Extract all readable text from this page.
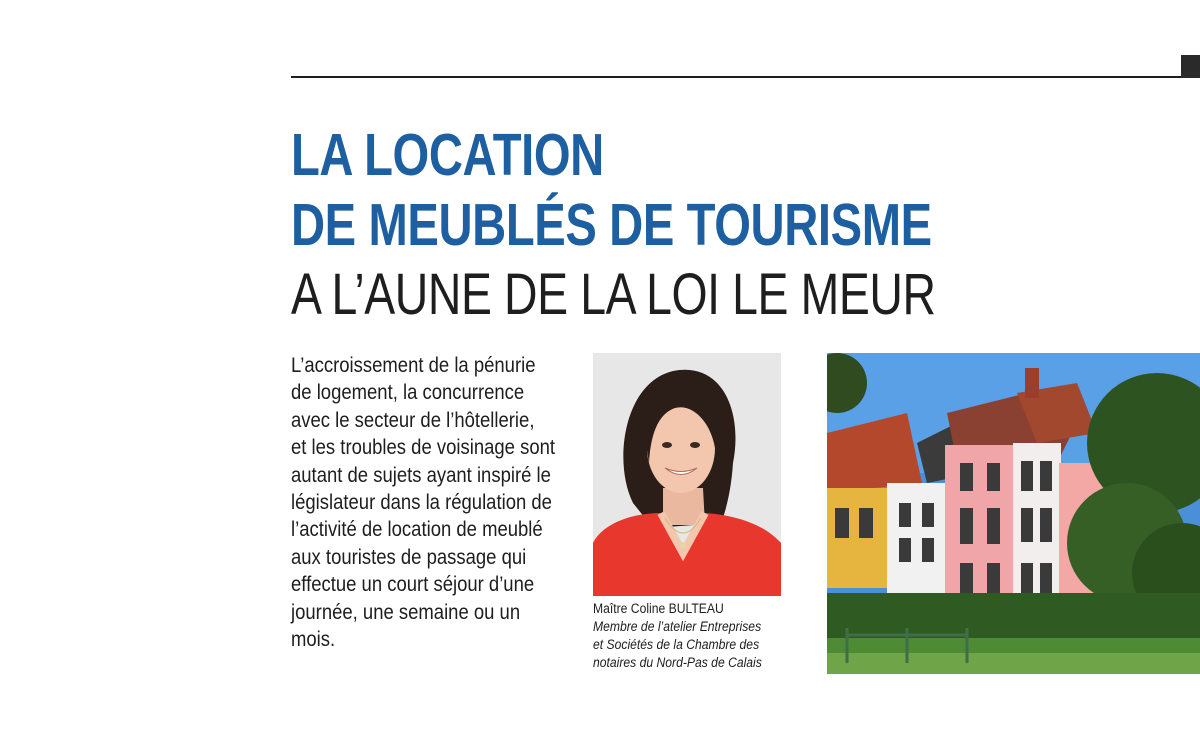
LA LOCATION
DE MEUBLÉS DE TOURISME
A L’AUNE DE LA LOI LE MEUR

L’accroissement de la pénurie
de logement, la concurrence
avec le secteur de l’hôtellerie,
et les troubles de voisinage sont
autant de sujets ayant inspiré le
législateur dans la régulation de
l’activité de location de meublé
aux touristes de passage qui
effectue un court séjour d’une
journée, une semaine ou un
mois.

Maître Coline BULTEAU
Membre de l’atelier Entreprises
et Sociétés de la Chambre des
notaires du Nord-Pas de Calais
